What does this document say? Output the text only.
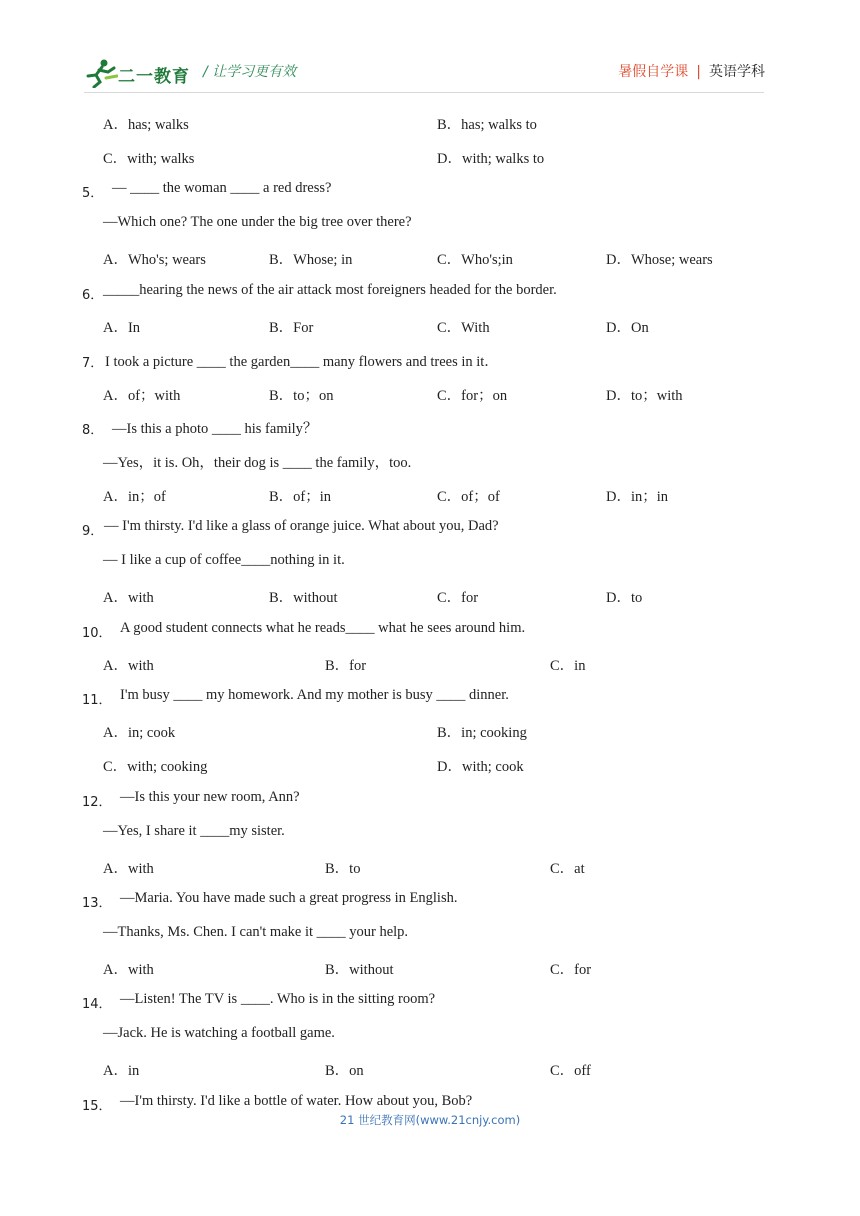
二一教育 / 让学习更有效	暑假自学课 | 英语学科
A．has; walks	B．has; walks to
C．with; walks	D．with; walks to
5． — ____ the woman ____ a red dress?
—Which one? The one under the big tree over there?
A．Who's; wears	B．Whose; in	C．Who's;in	D．Whose; wears
6． _____hearing the news of the air attack most foreigners headed for the border.
A．In	B．For	C．With	D．On
7． I took a picture ____ the garden____ many flowers and trees in it．
A．of；with	B．to；on	C．for；on	D．to；with
8． —Is this a photo ____ his family？
—Yes，it is. Oh，their dog is ____ the family，too.
A．in；of	B．of；in	C．of；of	D．in；in
9． — I'm thirsty. I'd like a glass of orange juice. What about you, Dad?
— I like a cup of coffee____nothing in it.
A．with	B．without	C．for	D．to
10． A good student connects what he reads____ what he sees around him.
A．with	B．for	C．in
11． I'm busy ____ my homework. And my mother is busy ____ dinner.
A．in; cook	B．in; cooking
C．with; cooking	D．with; cook
12． —Is this your new room, Ann?
—Yes, I share it ____my sister.
A．with	B．to	C．at
13． —Maria. You have made such a great progress in English.
—Thanks, Ms. Chen. I can't make it ____ your help.
A．with	B．without	C．for
14． —Listen! The TV is ____. Who is in the sitting room?
—Jack. He is watching a football game.
A．in	B．on	C．off
15． —I'm thirsty. I'd like a bottle of water. How about you, Bob?
21 世纪教育网(www.21cnjy.com)
